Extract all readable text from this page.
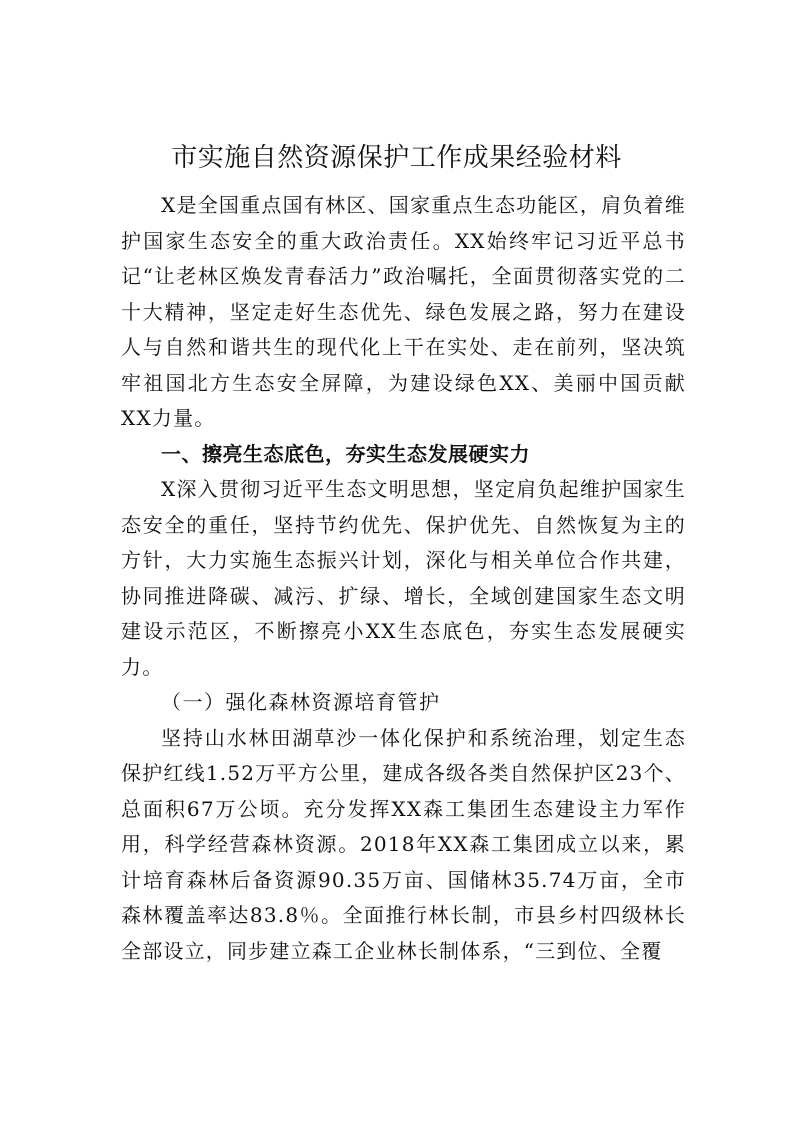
市实施自然资源保护工作成果经验材料

X是全国重点国有林区、国家重点生态功能区，肩负着维护国家生态安全的重大政治责任。XX始终牢记习近平总书记“让老林区焕发青春活力”政治嘱托，全面贯彻落实党的二十大精神，坚定走好生态优先、绿色发展之路，努力在建设人与自然和谐共生的现代化上干在实处、走在前列，坚决筑牢祖国北方生态安全屏障，为建设绿色XX、美丽中国贡献XX力量。

一、擦亮生态底色，夯实生态发展硬实力

X深入贯彻习近平生态文明思想，坚定肩负起维护国家生态安全的重任，坚持节约优先、保护优先、自然恢复为主的方针，大力实施生态振兴计划，深化与相关单位合作共建，协同推进降碳、减污、扩绿、增长，全域创建国家生态文明建设示范区，不断擦亮小XX生态底色，夯实生态发展硬实力。

（一）强化森林资源培育管护

坚持山水林田湖草沙一体化保护和系统治理，划定生态保护红线1.52万平方公里，建成各级各类自然保护区23个、总面积67万公顷。充分发挥XX森工集团生态建设主力军作用，科学经营森林资源。2018年XX森工集团成立以来，累计培育森林后备资源90.35万亩、国储林35.74万亩，全市森林覆盖率达83.8％。全面推行林长制，市县乡村四级林长全部设立，同步建立森工企业林长制体系，“三到位、全覆
